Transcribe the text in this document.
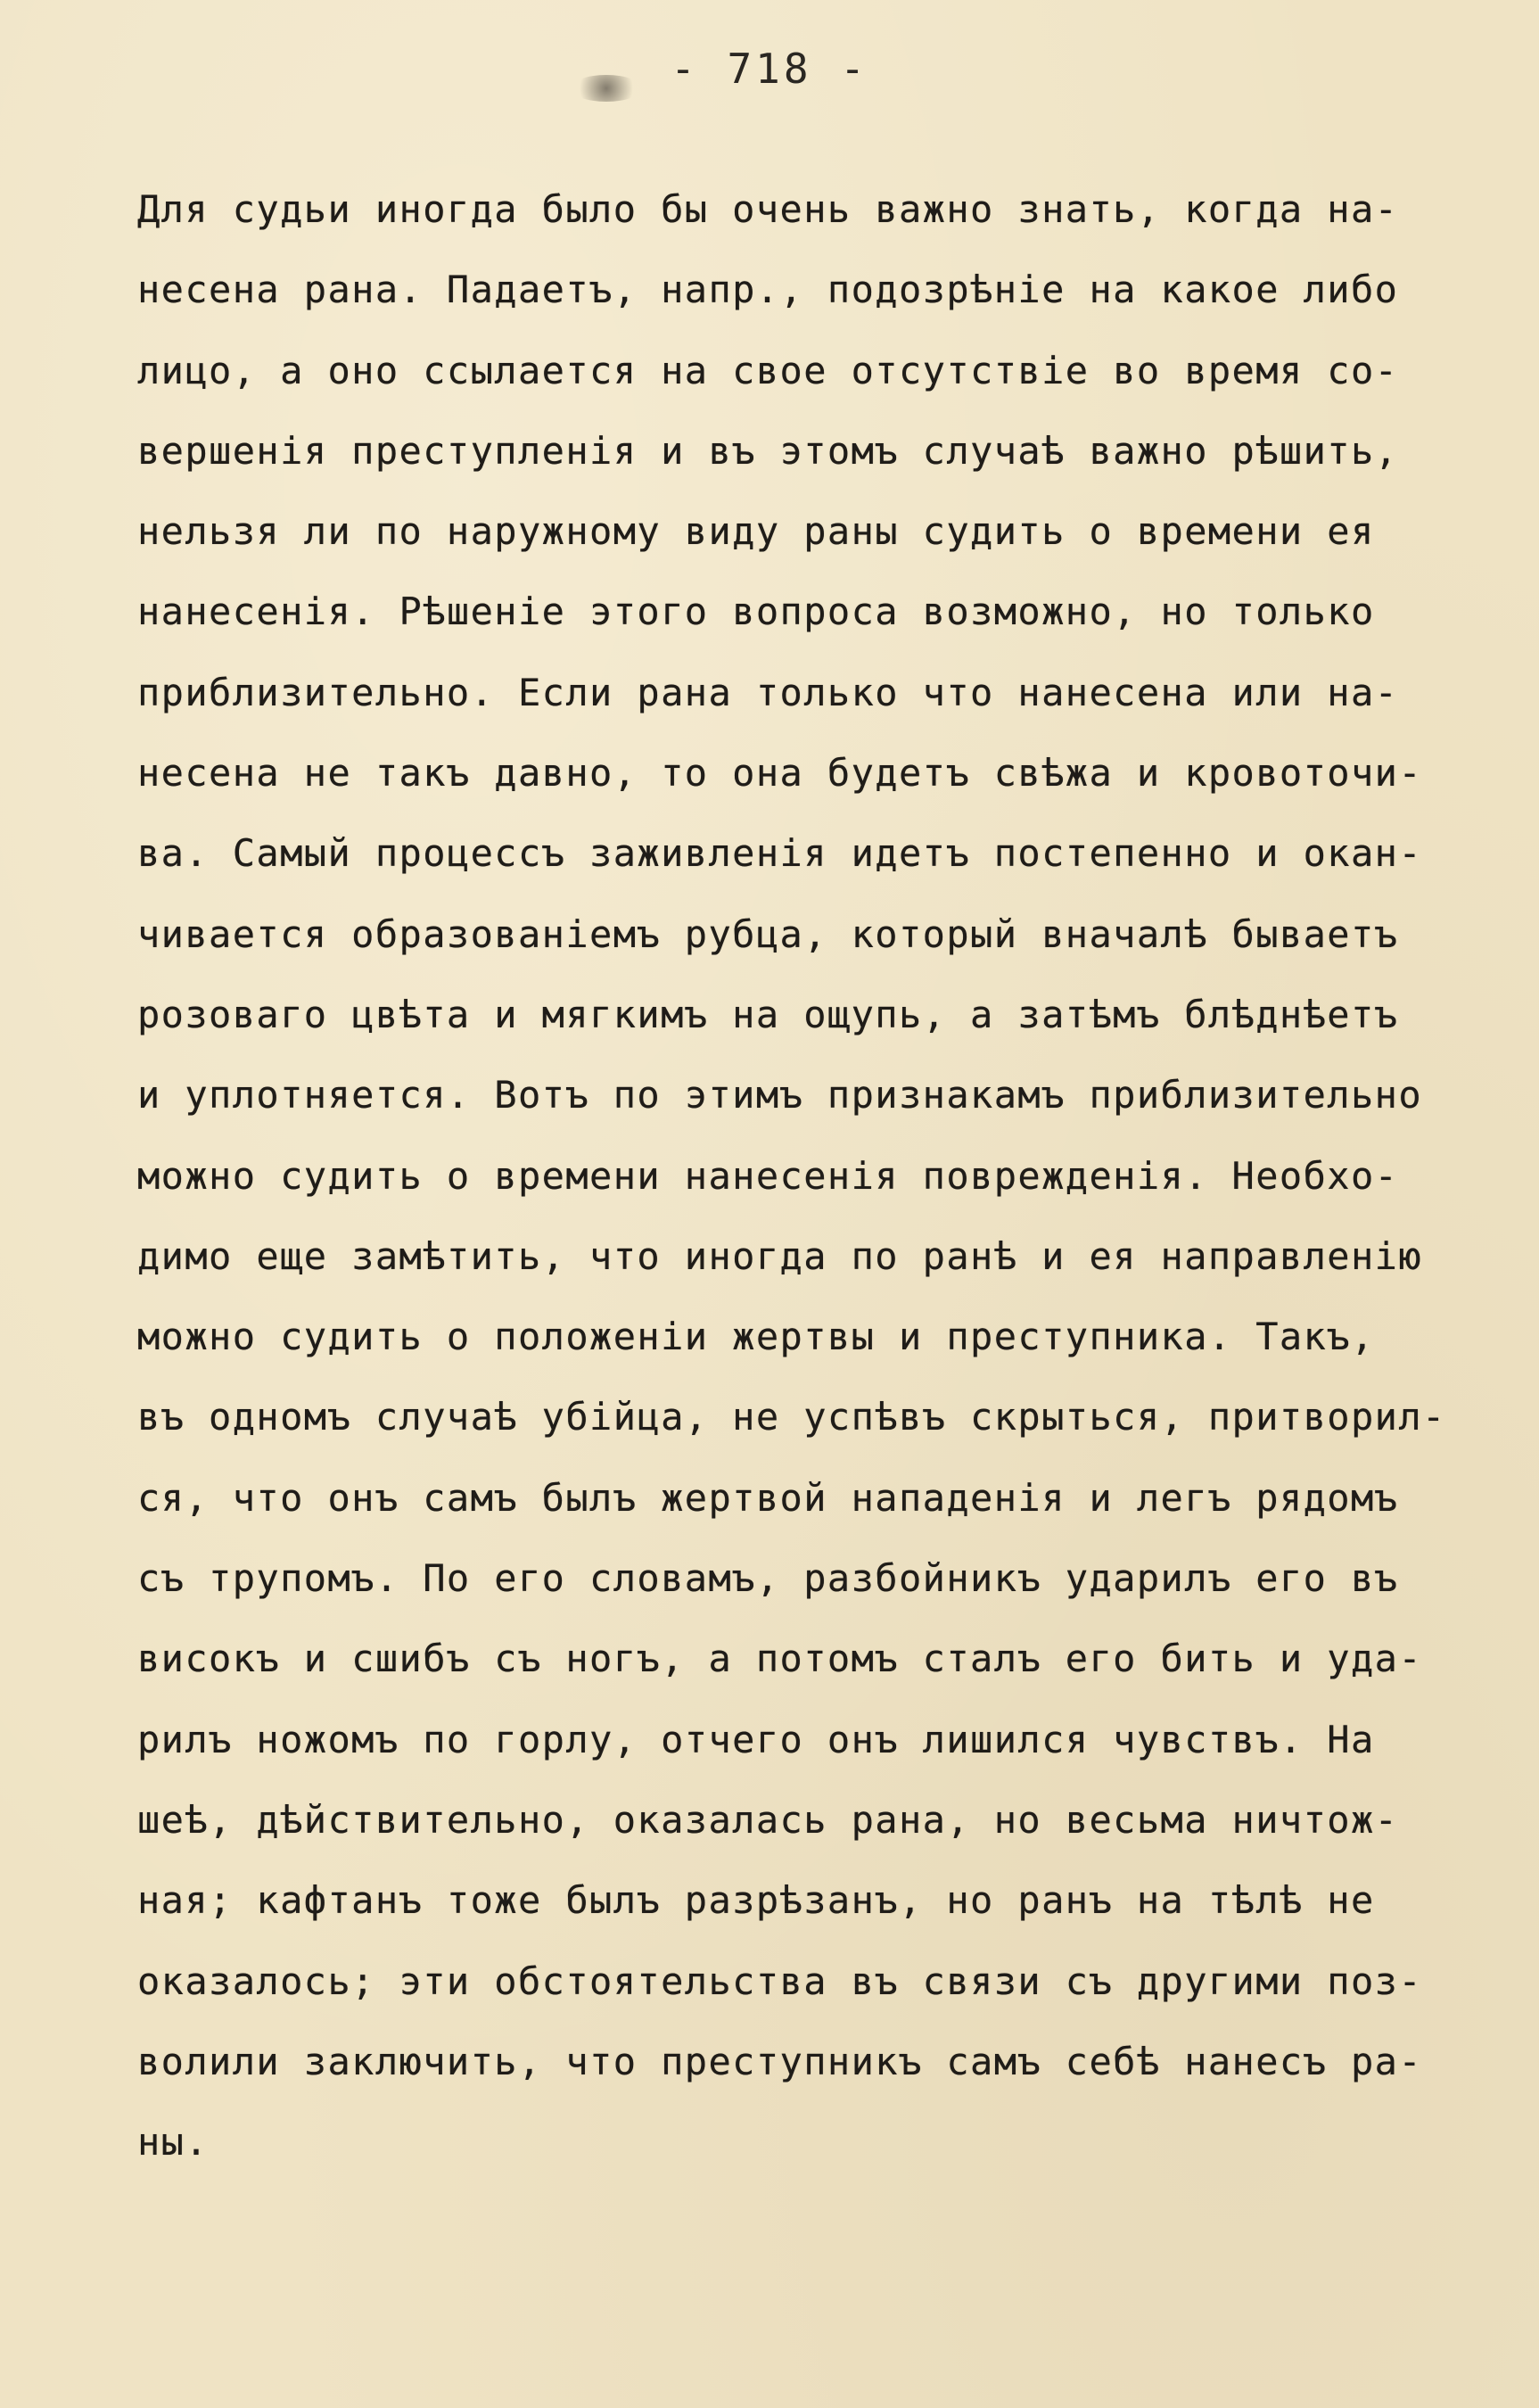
- 718 -
Для судьи иногда было бы очень важно знать, когда на-
несена рана. Падаетъ, напр., подозрѣніе на какое либо
лицо, а оно ссылается на свое отсутствіе во время со-
вершенія преступленія и въ этомъ случаѣ важно рѣшить,
нельзя ли по наружному виду раны судить о времени ея
нанесенія. Рѣшеніе этого вопроса возможно, но только
приблизительно. Если рана только что нанесена или на-
несена не такъ давно, то она будетъ свѣжа и кровоточи-
ва. Самый процессъ заживленія идетъ постепенно и окан-
чивается образованіемъ рубца, который вначалѣ бываетъ
розоваго цвѣта и мягкимъ на ощупь, а затѣмъ блѣднѣетъ
и уплотняется. Вотъ по этимъ признакамъ приблизительно
можно судить о времени нанесенія поврежденія. Необхо-
димо еще замѣтить, что иногда по ранѣ и ея направленію
можно судить о положеніи жертвы и преступника. Такъ,
въ одномъ случаѣ убійца, не успѣвъ скрыться, притворил-
ся, что онъ самъ былъ жертвой нападенія и легъ рядомъ
съ трупомъ. По его словамъ, разбойникъ ударилъ его въ
високъ и сшибъ съ ногъ, а потомъ сталъ его бить и уда-
рилъ ножомъ по горлу, отчего онъ лишился чувствъ. На
шеѣ, дѣйствительно, оказалась рана, но весьма ничтож-
ная; кафтанъ тоже былъ разрѣзанъ, но ранъ на тѣлѣ не
оказалось; эти обстоятельства въ связи съ другими поз-
волили заключить, что преступникъ самъ себѣ нанесъ ра-
ны.
